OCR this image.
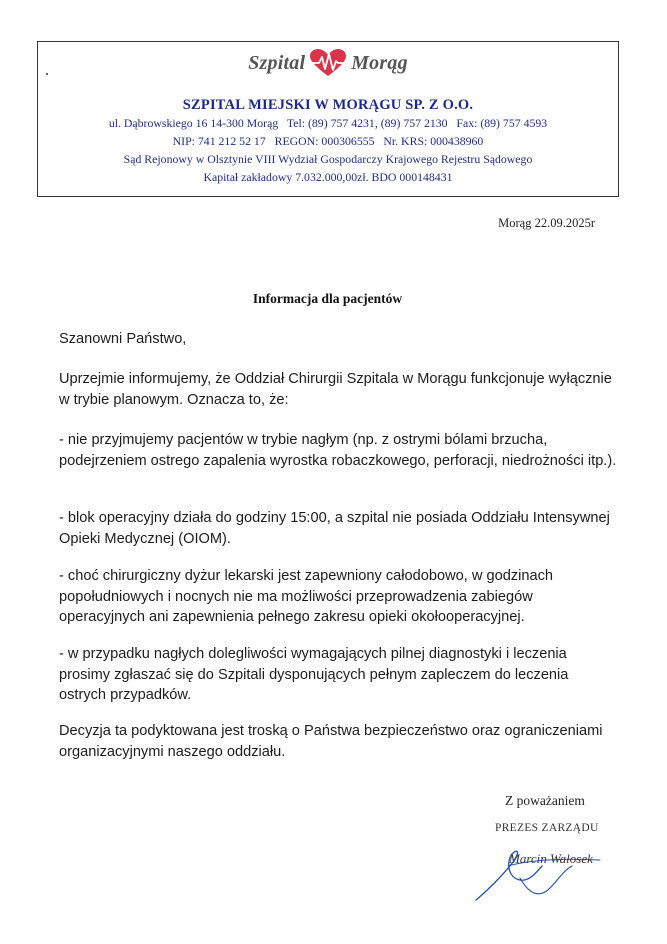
Szpital Morąg
SZPITAL MIEJSKI W MORĄGU SP. Z O.O.
ul. Dąbrowskiego 16 14-300 Morąg   Tel: (89) 757 4231, (89) 757 2130   Fax: (89) 757 4593
NIP: 741 212 52 17   REGON: 000306555   Nr. KRS: 000438960
Sąd Rejonowy w Olsztynie VIII Wydział Gospodarczy Krajowego Rejestru Sądowego
Kapitał zakładowy 7.032.000,00zł. BDO 000148431
Morąg 22.09.2025r
Informacja dla pacjentów

Szanowni Państwo,

Uprzejmie informujemy, że Oddział Chirurgii Szpitala w Morągu funkcjonuje wyłącznie w trybie planowym. Oznacza to, że:

- nie przyjmujemy pacjentów w trybie nagłym (np. z ostrymi bólami brzucha, podejrzeniem ostrego zapalenia wyrostka robaczkowego, perforacji, niedrożności itp.).

- blok operacyjny działa do godziny 15:00, a szpital nie posiada Oddziału Intensywnej Opieki Medycznej (OIOM).

- choć chirurgiczny dyżur lekarski jest zapewniony całodobowo, w godzinach popołudniowych i nocnych nie ma możliwości przeprowadzenia zabiegów operacyjnych ani zapewnienia pełnego zakresu opieki okołooperacyjnej.

- w przypadku nagłych dolegliwości wymagających pilnej diagnostyki i leczenia prosimy zgłaszać się do Szpitali dysponujących pełnym zapleczem do leczenia ostrych przypadków.

Decyzja ta podyktowana jest troską o Państwa bezpieczeństwo oraz ograniczeniami organizacyjnymi naszego oddziału.

Z poważaniem
PREZES ZARZĄDU
Marcin Walosek
